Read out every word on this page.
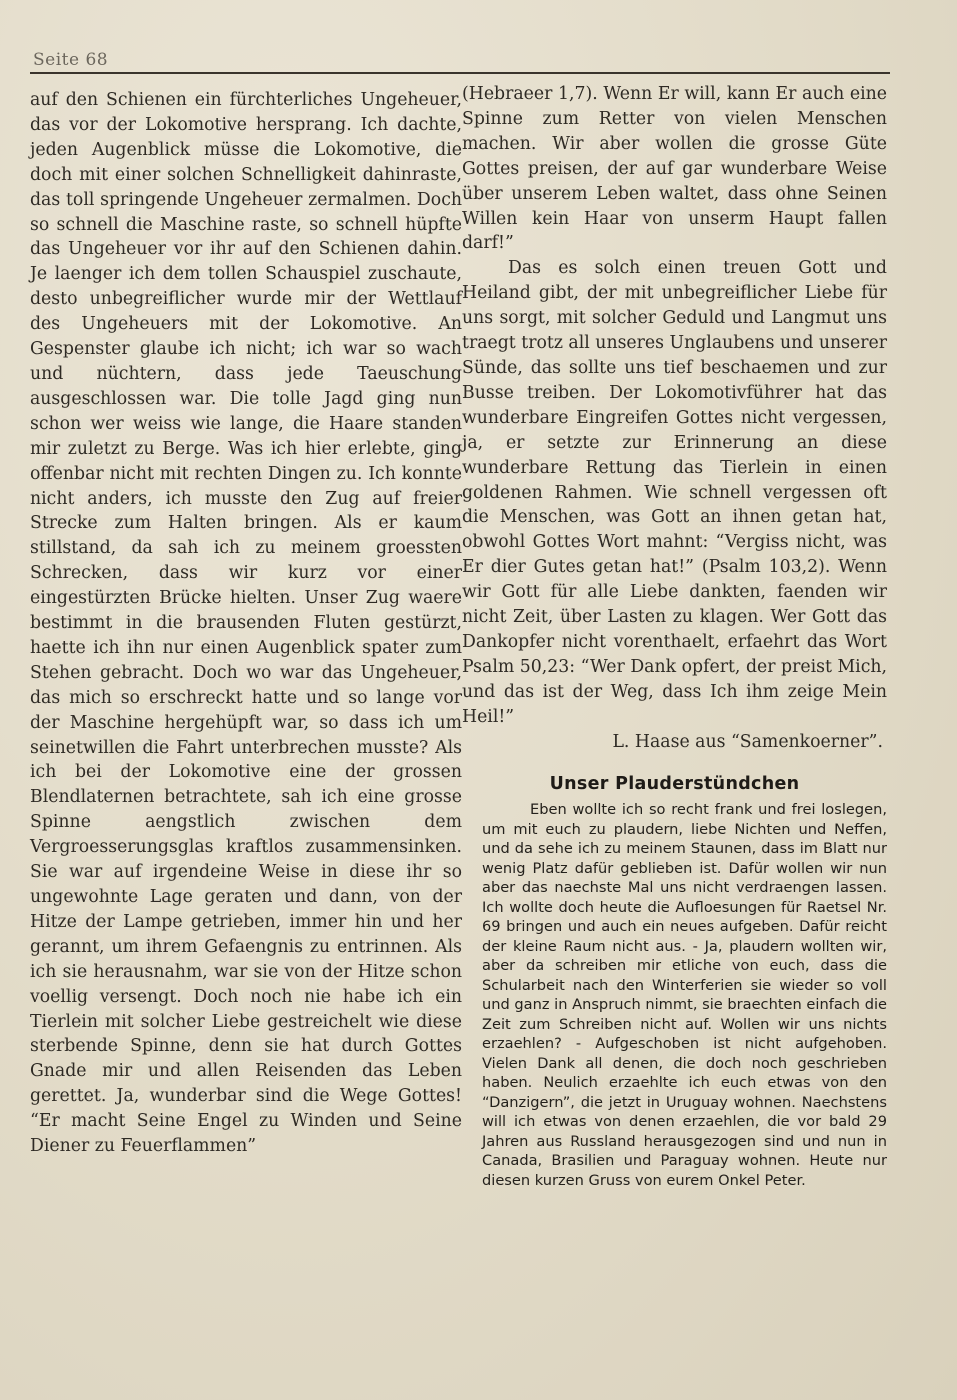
Seite 68

auf den Schienen ein fürchterliches Ungeheuer, das vor der Lokomotive hersprang. Ich dachte, jeden Augenblick müsse die Lokomotive, die doch mit einer solchen Schnelligkeit dahinraste, das toll springende Ungeheuer zermalmen. Doch so schnell die Maschine raste, so schnell hüpfte das Ungeheuer vor ihr auf den Schienen dahin. Je laenger ich dem tollen Schauspiel zuschaute, desto unbegreiflicher wurde mir der Wettlauf des Ungeheuers mit der Lokomotive. An Gespenster glaube ich nicht; ich war so wach und nüchtern, dass jede Taeuschung ausgeschlossen war. Die tolle Jagd ging nun schon wer weiss wie lange, die Haare standen mir zuletzt zu Berge. Was ich hier erlebte, ging offenbar nicht mit rechten Dingen zu. Ich konnte nicht anders, ich musste den Zug auf freier Strecke zum Halten bringen. Als er kaum stillstand, da sah ich zu meinem groessten Schrecken, dass wir kurz vor einer eingestürzten Brücke hielten. Unser Zug waere bestimmt in die brausenden Fluten gestürzt, haette ich ihn nur einen Augenblick spater zum Stehen gebracht. Doch wo war das Ungeheuer, das mich so erschreckt hatte und so lange vor der Maschine hergehüpft war, so dass ich um seinetwillen die Fahrt unterbrechen musste? Als ich bei der Lokomotive eine der grossen Blendlaternen betrachtete, sah ich eine grosse Spinne aengstlich zwischen dem Vergroesserungsglas kraftlos zusammensinken. Sie war auf irgendeine Weise in diese ihr so ungewohnte Lage geraten und dann, von der Hitze der Lampe getrieben, immer hin und her gerannt, um ihrem Gefaengnis zu entrinnen. Als ich sie herausnahm, war sie von der Hitze schon voellig versengt. Doch noch nie habe ich ein Tierlein mit solcher Liebe gestreichelt wie diese sterbende Spinne, denn sie hat durch Gottes Gnade mir und allen Reisenden das Leben gerettet. Ja, wunderbar sind die Wege Gottes! “Er macht Seine Engel zu Winden und Seine Diener zu Feuerflammen”

(Hebraeer 1,7). Wenn Er will, kann Er auch eine Spinne zum Retter von vielen Menschen machen. Wir aber wollen die grosse Güte Gottes preisen, der auf gar wunderbare Weise über unserem Leben waltet, dass ohne Seinen Willen kein Haar von unserm Haupt fallen darf!”

Das es solch einen treuen Gott und Heiland gibt, der mit unbegreiflicher Liebe für uns sorgt, mit solcher Geduld und Langmut uns traegt trotz all unseres Unglaubens und unserer Sünde, das sollte uns tief beschaemen und zur Busse treiben. Der Lokomotivführer hat das wunderbare Eingreifen Gottes nicht vergessen, ja, er setzte zur Erinnerung an diese wunderbare Rettung das Tierlein in einen goldenen Rahmen. Wie schnell vergessen oft die Menschen, was Gott an ihnen getan hat, obwohl Gottes Wort mahnt: “Vergiss nicht, was Er dier Gutes getan hat!” (Psalm 103,2). Wenn wir Gott für alle Liebe dankten, faenden wir nicht Zeit, über Lasten zu klagen. Wer Gott das Dankopfer nicht vorenthaelt, erfaehrt das Wort Psalm 50,23: “Wer Dank opfert, der preist Mich, und das ist der Weg, dass Ich ihm zeige Mein Heil!”

L. Haase aus “Samenkoerner”.

Unser Plauderstündchen

Eben wollte ich so recht frank und frei loslegen, um mit euch zu plaudern, liebe Nichten und Neffen, und da sehe ich zu meinem Staunen, dass im Blatt nur wenig Platz dafür geblieben ist. Dafür wollen wir nun aber das naechste Mal uns nicht verdraengen lassen. Ich wollte doch heute die Aufloesungen für Raetsel Nr. 69 bringen und auch ein neues aufgeben. Dafür reicht der kleine Raum nicht aus. - Ja, plaudern wollten wir, aber da schreiben mir etliche von euch, dass die Schularbeit nach den Winterferien sie wieder so voll und ganz in Anspruch nimmt, sie braechten einfach die Zeit zum Schreiben nicht auf. Wollen wir uns nichts erzaehlen? - Aufgeschoben ist nicht aufgehoben. Vielen Dank all denen, die doch noch geschrieben haben. Neulich erzaehlte ich euch etwas von den “Danzigern”, die jetzt in Uruguay wohnen. Naechstens will ich etwas von denen erzaehlen, die vor bald 29 Jahren aus Russland herausgezogen sind und nun in Canada, Brasilien und Paraguay wohnen. Heute nur diesen kurzen Gruss von eurem Onkel Peter.
